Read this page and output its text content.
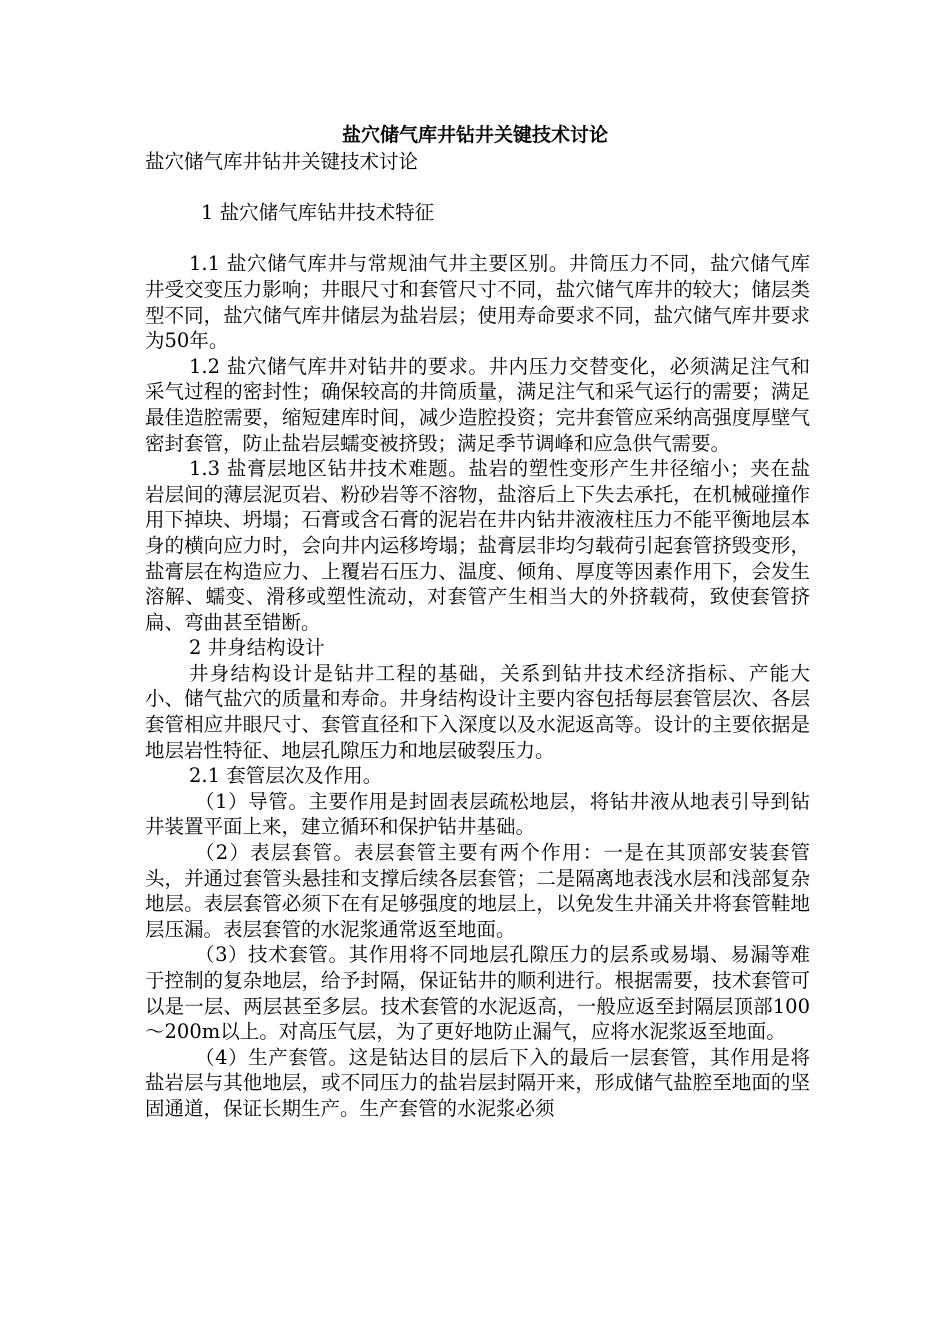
盐穴储气库井钻井关键技术讨论

盐穴储气库井钻井关键技术讨论

1 盐穴储气库钻井技术特征

1.1 盐穴储气库井与常规油气井主要区别。井筒压力不同，盐穴储气库井受交变压力影响；井眼尺寸和套管尺寸不同，盐穴储气库井的较大；储层类型不同，盐穴储气库井储层为盐岩层；使用寿命要求不同，盐穴储气库井要求为50年。

1.2 盐穴储气库井对钻井的要求。井内压力交替变化，必须满足注气和采气过程的密封性；确保较高的井筒质量，满足注气和采气运行的需要；满足最佳造腔需要，缩短建库时间，减少造腔投资；完井套管应采纳高强度厚壁气密封套管，防止盐岩层蠕变被挤毁；满足季节调峰和应急供气需要。

1.3 盐膏层地区钻井技术难题。盐岩的塑性变形产生井径缩小；夹在盐岩层间的薄层泥页岩、粉砂岩等不溶物，盐溶后上下失去承托，在机械碰撞作用下掉块、坍塌；石膏或含石膏的泥岩在井内钻井液液柱压力不能平衡地层本身的横向应力时，会向井内运移垮塌；盐膏层非均匀载荷引起套管挤毁变形，盐膏层在构造应力、上覆岩石压力、温度、倾角、厚度等因素作用下，会发生溶解、蠕变、滑移或塑性流动，对套管产生相当大的外挤载荷，致使套管挤扁、弯曲甚至错断。

2 井身结构设计

井身结构设计是钻井工程的基础，关系到钻井技术经济指标、产能大小、储气盐穴的质量和寿命。井身结构设计主要内容包括每层套管层次、各层套管相应井眼尺寸、套管直径和下入深度以及水泥返高等。设计的主要依据是地层岩性特征、地层孔隙压力和地层破裂压力。

2.1 套管层次及作用。

（1）导管。主要作用是封固表层疏松地层，将钻井液从地表引导到钻井装置平面上来，建立循环和保护钻井基础。

（2）表层套管。表层套管主要有两个作用：一是在其顶部安装套管头，并通过套管头悬挂和支撑后续各层套管；二是隔离地表浅水层和浅部复杂地层。表层套管必须下在有足够强度的地层上，以免发生井涌关井将套管鞋地层压漏。表层套管的水泥浆通常返至地面。

（3）技术套管。其作用将不同地层孔隙压力的层系或易塌、易漏等难于控制的复杂地层，给予封隔，保证钻井的顺利进行。根据需要，技术套管可以是一层、两层甚至多层。技术套管的水泥返高，一般应返至封隔层顶部100～200m以上。对高压气层，为了更好地防止漏气，应将水泥浆返至地面。

（4）生产套管。这是钻达目的层后下入的最后一层套管，其作用是将盐岩层与其他地层，或不同压力的盐岩层封隔开来，形成储气盐腔至地面的坚固通道，保证长期生产。生产套管的水泥浆必须
